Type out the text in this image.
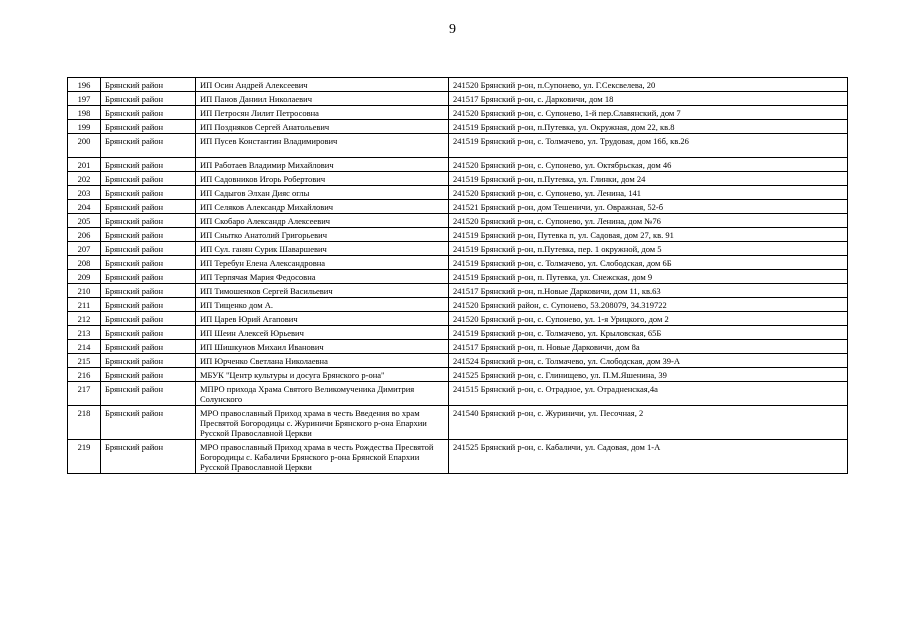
9
196	Брянский район	ИП Осин Андрей Алексеевич	241520 Брянский р-он, п.Супонево, ул. Г.Сексвелева, 20
197	Брянский район	ИП Панов Даниил Николаевич	241517 Брянский р-он, с. Дарковичи, дом 18
198	Брянский район	ИП Петросян Лилит Петросовна	241520 Брянский р-он, с. Супонево, 1-й пер.Славянский, дом 7
199	Брянский район	ИП Поздняков Сергей Анатольевич	241519 Брянский р-он, п.Путевка, ул. Окружная, дом 22, кв.8
200	Брянский район	ИП Пусев Константин Владимирович	241519 Брянский р-он, с. Толмачево, ул. Трудовая, дом 16б, кв.26
201	Брянский район	ИП Работаев Владимир Михайлович	241520 Брянский р-он, с. Супонево, ул. Октябрьская, дом 46
202	Брянский район	ИП Садовников Игорь Робертович	241519 Брянский р-он, п.Путевка, ул. Глинки, дом 24
203	Брянский район	ИП Садыгов Элхан Дияс оглы	241520 Брянский р-он, с. Супонево, ул. Ленина, 141
204	Брянский район	ИП Селяков Александр Михайлович	241521 Брянский р-он, дом Тешеничи, ул. Овражная, 52-б
205	Брянский район	ИП Скобаро Александр Алексеевич	241520 Брянский р-он, с. Супонево, ул. Ленина, дом №76
206	Брянский район	ИП Снытко Анатолий Григорьевич	241519 Брянский р-он, Путевка п, ул. Садовая, дом 27, кв. 91
207	Брянский район	ИП Сул. ганян Сурик Шаваршевич	241519 Брянский р-он, п.Путевка, пер. 1 окружной, дом 5
208	Брянский район	ИП Теребун Елена Александровна	241519 Брянский р-он, с. Толмачево, ул. Слободская, дом 6Б
209	Брянский район	ИП Терпячая Мария Федосовна	241519 Брянский р-он, п. Путевка, ул. Снежская, дом 9
210	Брянский район	ИП Тимошенков Сергей Васильевич	241517 Брянский р-он, п.Новые Дарковичи, дом 11, кв.63
211	Брянский район	ИП Тищенко дом А.	241520 Брянский район, с. Супонево, 53.208079, 34.319722
212	Брянский район	ИП Царев Юрий Агапович	241520 Брянский р-он, с. Супонево, ул. 1-я Урицкого, дом 2
213	Брянский район	ИП Шеин Алексей Юрьевич	241519 Брянский р-он, с. Толмачево, ул. Крыловская, 65Б
214	Брянский район	ИП Шишкунов Михаил Иванович	241517 Брянский р-он, п. Новые Дарковичи, дом 8а
215	Брянский район	ИП Юрченко Светлана Николаевна	241524 Брянский р-он, с. Толмачево, ул. Слободская, дом 39-А
216	Брянский район	МБУК "Центр культуры и досуга Брянского р-она"	241525 Брянский р-он, с. Глинищево, ул. П.М.Яшенина, 39
217	Брянский район	МПРО прихода Храма Святого Великомученика Димитрия Солунского	241515 Брянский р-он, с. Отрадное, ул. Отрадненская,4а
218	Брянский район	МРО православный Приход храма в честь Введения во храм Пресвятой Богородицы с. Журиничи Брянского р-она Епархии Русской Православной Церкви	241540 Брянский р-он, с. Журиничи, ул. Песочная, 2
219	Брянский район	МРО православный Приход храма в честь Рождества Пресвятой Богородицы с. Кабаличи Брянского р-она Брянской Епархии Русской Православной Церкви	241525 Брянский р-он, с. Кабаличи, ул. Садовая, дом 1-А
